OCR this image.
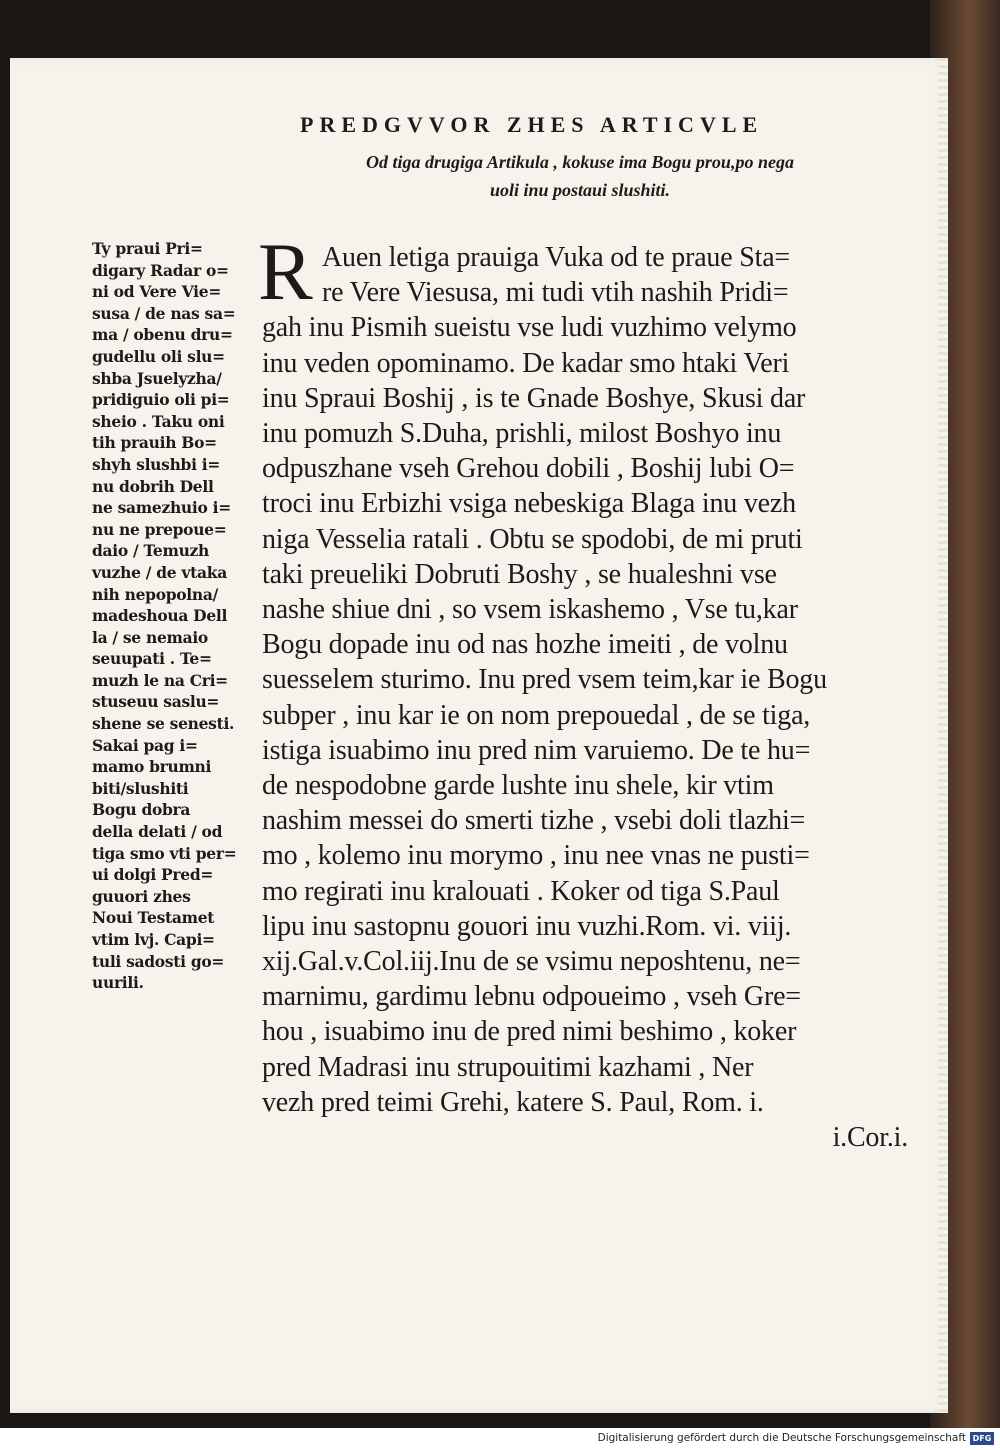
PREDGVVOR ZHES ARTICVLE
Od tiga drugiga Artikula , kokuse ima Bogu prou,po nega
uoli inu postaui slushiti.
Ty praui Pri=
digary Radar o=
ni od Vere Vie=
susa / de nas sa=
ma / obenu dru=
gudellu oli slu=
shba Jsuelyzha/
pridiguio oli pi=
sheio . Taku oni
tih prauih Bo=
shyh slushbi i=
nu dobrih Dell
ne samezhuio i=
nu ne prepoue=
daio / Temuzh
vuzhe / de vtaka
nih nepopolna/
madeshoua Dell
la / se nemaio
seuupati . Te=
muzh le na Cri=
stuseuu saslu=
shene se senesti.
Sakai pag i=
mamo brumni
biti/slushiti
Bogu dobra
della delati / od
tiga smo vti per=
ui dolgi Pred=
guuori zhes
Noui Testamet
vtim lvj. Capi=
tuli sadosti go=
uurili.
R Auen letiga prauiga Vuka od te praue Sta=
re Vere Viesusa, mi tudi vtih nashih Pridi=
gah inu Pismih sueistu vse ludi vuzhimo velymo
inu veden opominamo. De kadar smo htaki Veri
inu Spraui Boshij , is te Gnade Boshye, Skusi dar
inu pomuzh S.Duha, prishli, milost Boshyo inu
odpuszhane vseh Grehou dobili , Boshij lubi O=
troci inu Erbizhi vsiga nebeskiga Blaga inu vezh
niga Vesselia ratali . Obtu se spodobi, de mi pruti
taki preueliki Dobruti Boshy , se hualeshni vse
nashe shiue dni , so vsem iskashemo , Vse tu,kar
Bogu dopade inu od nas hozhe imeiti , de volnu
suesselem sturimo. Inu pred vsem teim,kar ie Bogu
subper , inu kar ie on nom prepouedal , de se tiga,
istiga isuabimo inu pred nim varuiemo. De te hu=
de nespodobne garde lushte inu shele, kir vtim
nashim messei do smerti tizhe , vsebi doli tlazhi=
mo , kolemo inu morymo , inu nee vnas ne pusti=
mo regirati inu kralouati . Koker od tiga S.Paul
lipu inu sastopnu gouori inu vuzhi.Rom. vi. viij.
xij.Gal.v.Col.iij.Inu de se vsimu neposhtenu, ne=
marnimu, gardimu lebnu odpoueimo , vseh Gre=
hou , isuabimo inu de pred nimi beshimo , koker
pred Madrasi inu strupouitimi kazhami , Ner
vezh pred teimi Grehi, katere S. Paul, Rom. i.
i.Cor.i.
Digitalisierung gefördert durch die Deutsche Forschungsgemeinschaft DFG
